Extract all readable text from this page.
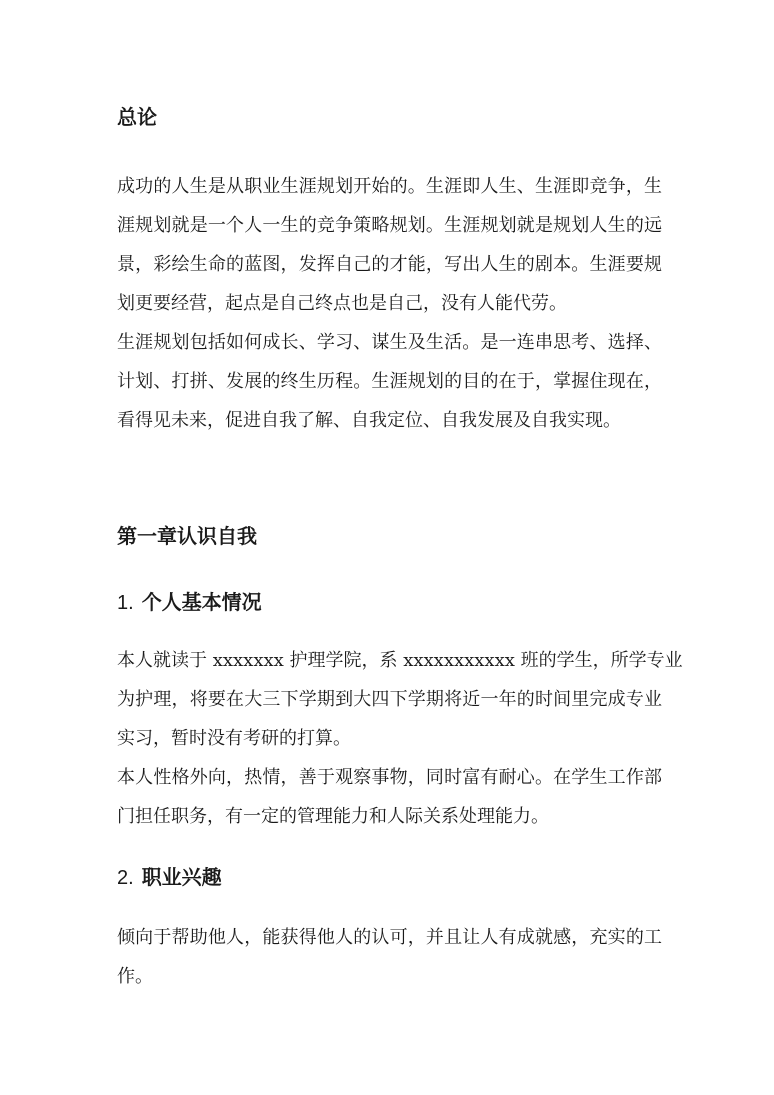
总论

成功的人生是从职业生涯规划开始的。生涯即人生、生涯即竞争，生
涯规划就是一个人一生的竞争策略规划。生涯规划就是规划人生的远
景，彩绘生命的蓝图，发挥自己的才能，写出人生的剧本。生涯要规
划更要经营，起点是自己终点也是自己，没有人能代劳。

生涯规划包括如何成长、学习、谋生及生活。是一连串思考、选择、
计划、打拼、发展的终生历程。生涯规划的目的在于，掌握住现在，
看得见未来，促进自我了解、自我定位、自我发展及自我实现。

第一章认识自我
1. 个人基本情况

本人就读于 xxxxxxx 护理学院，系 xxxxxxxxxxx 班的学生，所学专业
为护理，将要在大三下学期到大四下学期将近一年的时间里完成专业
实习，暂时没有考研的打算。

本人性格外向，热情，善于观察事物，同时富有耐心。在学生工作部
门担任职务，有一定的管理能力和人际关系处理能力。

2. 职业兴趣

倾向于帮助他人，能获得他人的认可，并且让人有成就感，充实的工
作。
